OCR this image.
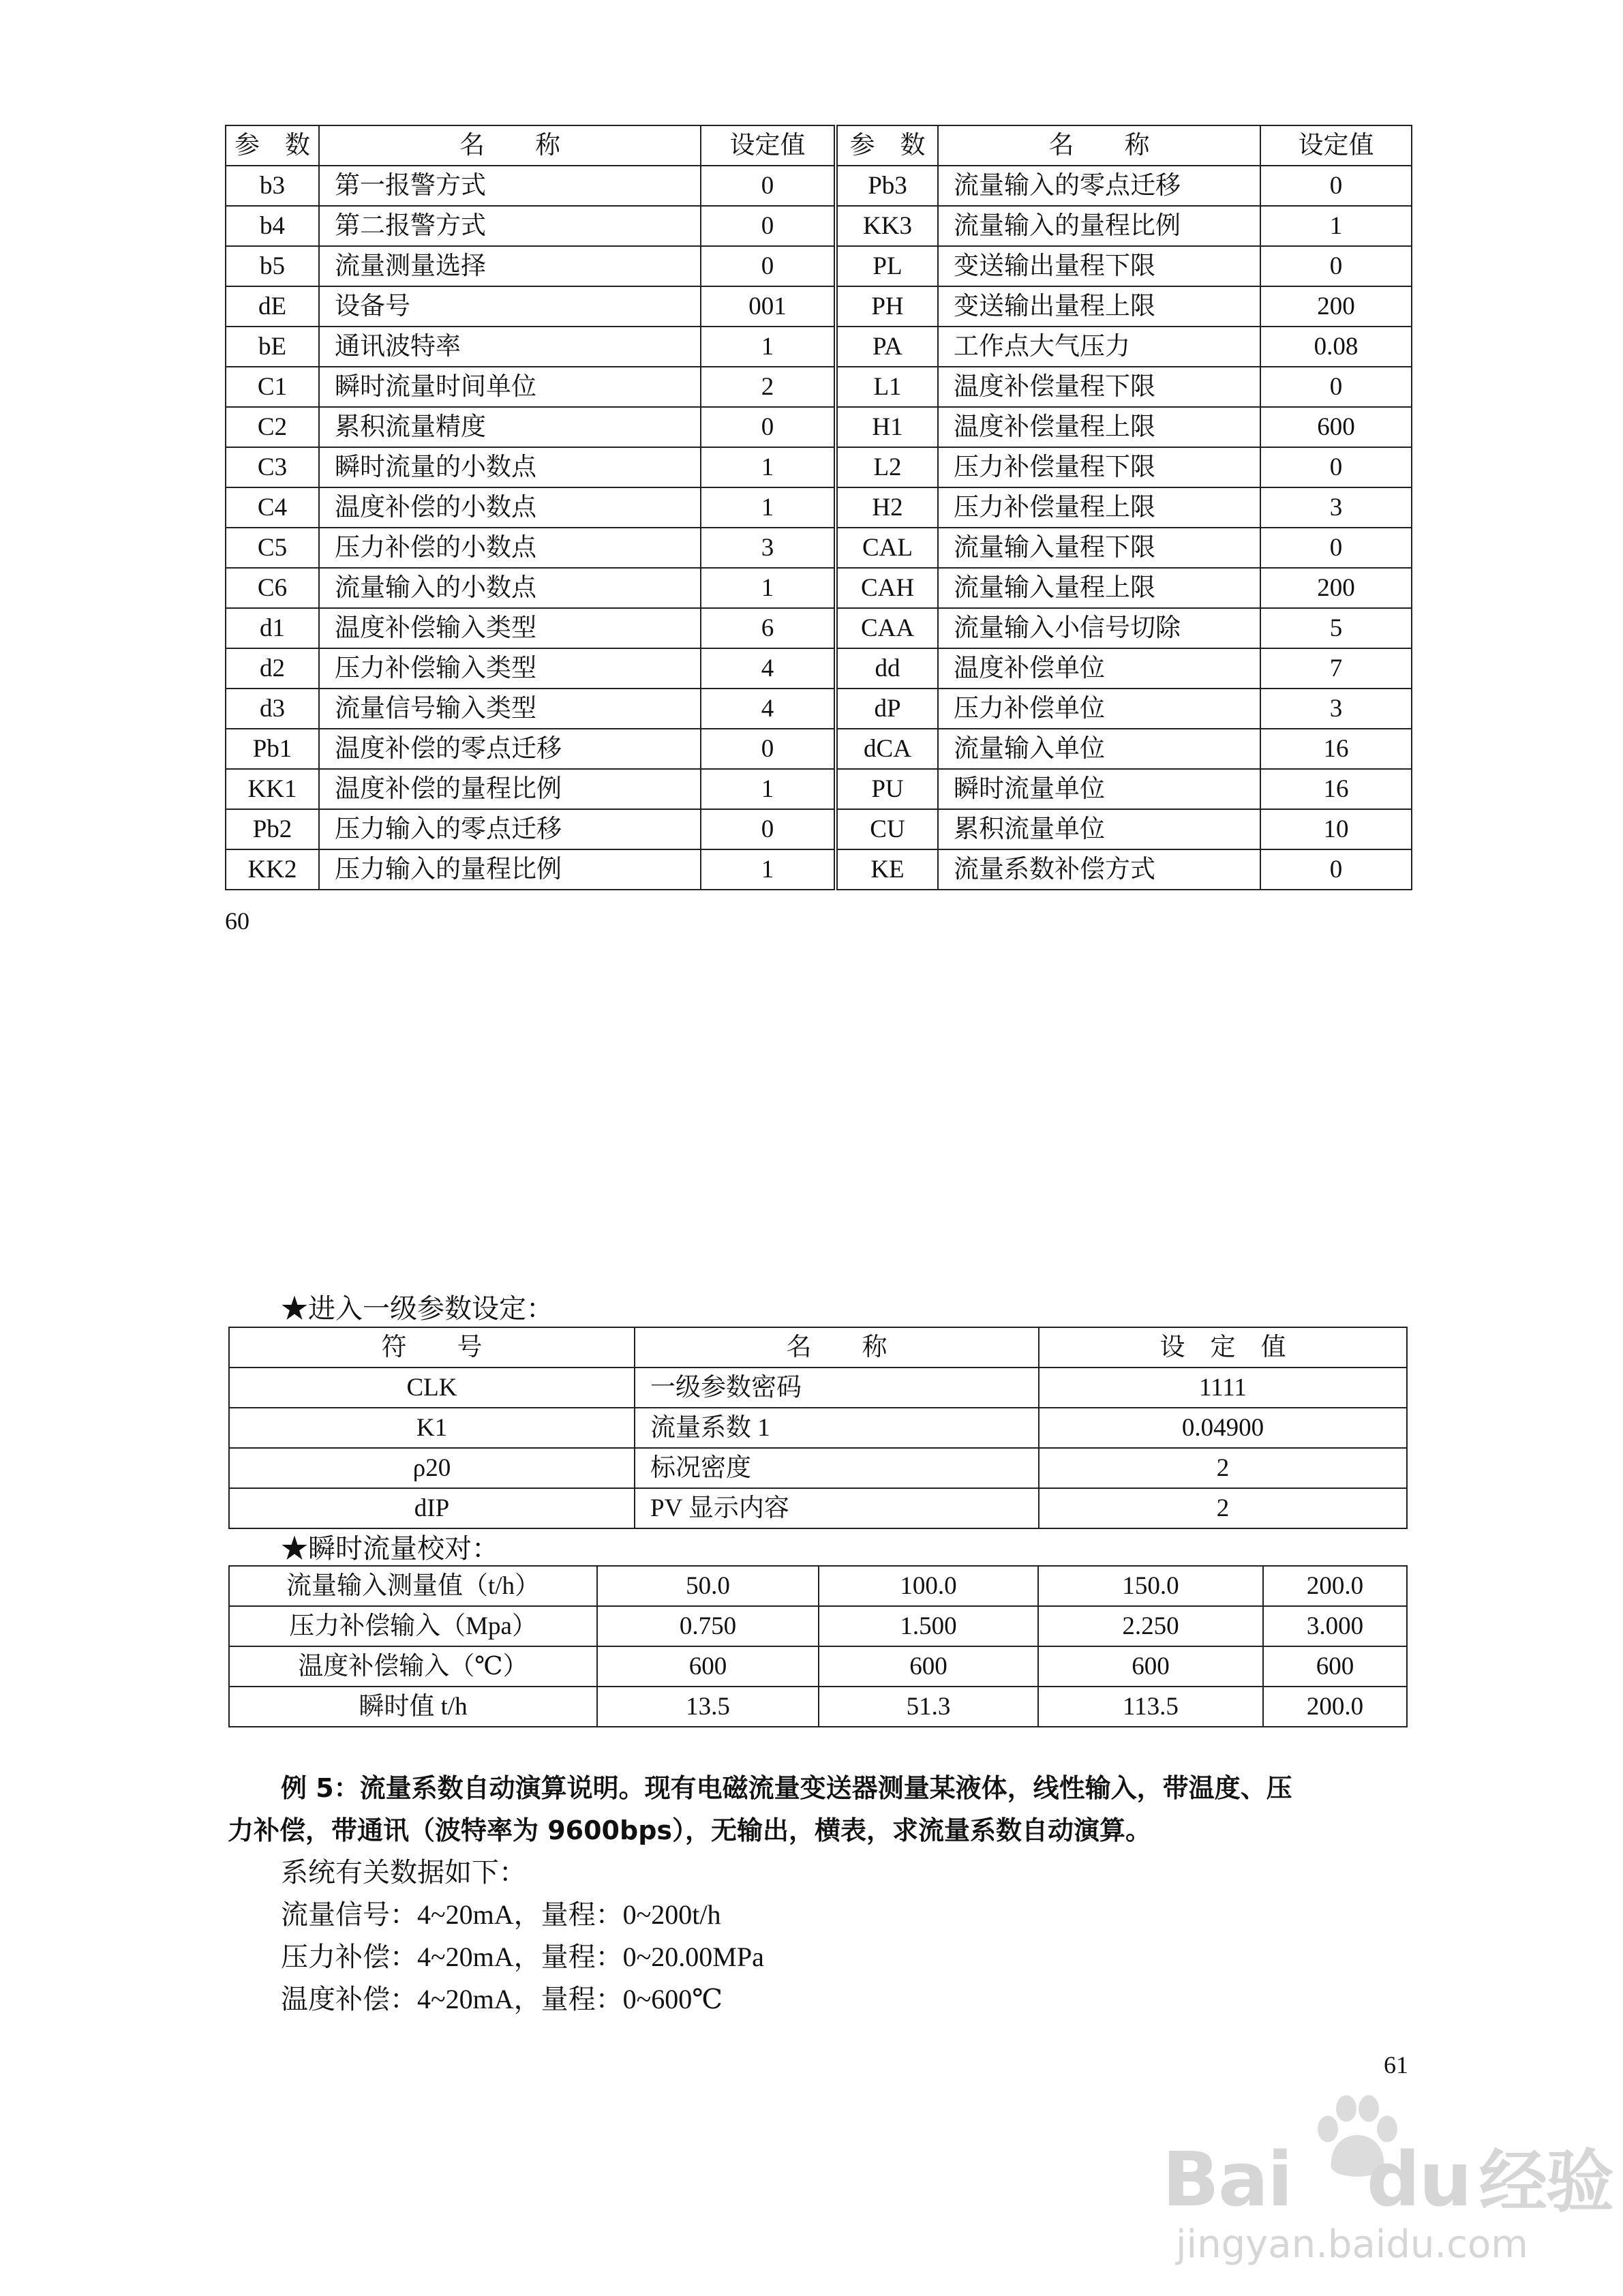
参　数	名　　称	设定值	参　数	名　　称	设定值
b3	第一报警方式	0	Pb3	流量输入的零点迁移	0
b4	第二报警方式	0	KK3	流量输入的量程比例	1
b5	流量测量选择	0	PL	变送输出量程下限	0
dE	设备号	001	PH	变送输出量程上限	200
bE	通讯波特率	1	PA	工作点大气压力	0.08
C1	瞬时流量时间单位	2	L1	温度补偿量程下限	0
C2	累积流量精度	0	H1	温度补偿量程上限	600
C3	瞬时流量的小数点	1	L2	压力补偿量程下限	0
C4	温度补偿的小数点	1	H2	压力补偿量程上限	3
C5	压力补偿的小数点	3	CAL	流量输入量程下限	0
C6	流量输入的小数点	1	CAH	流量输入量程上限	200
d1	温度补偿输入类型	6	CAA	流量输入小信号切除	5
d2	压力补偿输入类型	4	dd	温度补偿单位	7
d3	流量信号输入类型	4	dP	压力补偿单位	3
Pb1	温度补偿的零点迁移	0	dCA	流量输入单位	16
KK1	温度补偿的量程比例	1	PU	瞬时流量单位	16
Pb2	压力输入的零点迁移	0	CU	累积流量单位	10
KK2	压力输入的量程比例	1	KE	流量系数补偿方式	0
60
★进入一级参数设定：
符　　号	名　　称	设　定　值
CLK	一级参数密码	1111
K1	流量系数 1	0.04900
ρ20	标况密度	2
dIP	PV 显示内容	2
★瞬时流量校对：
流量输入测量值（t/h）	50.0	100.0	150.0	200.0
压力补偿输入（Mpa）	0.750	1.500	2.250	3.000
温度补偿输入（℃）	600	600	600	600
瞬时值 t/h	13.5	51.3	113.5	200.0
例 5：流量系数自动演算说明。现有电磁流量变送器测量某液体，线性输入，带温度、压
力补偿，带通讯（波特率为 9600bps），无输出，横表，求流量系数自动演算。
系统有关数据如下：
流量信号：4~20mA，量程：0~200t/h
压力补偿：4~20mA，量程：0~20.00MPa
温度补偿：4~20mA，量程：0~600℃
61
Bai du 经验
jingyan.baidu.com
